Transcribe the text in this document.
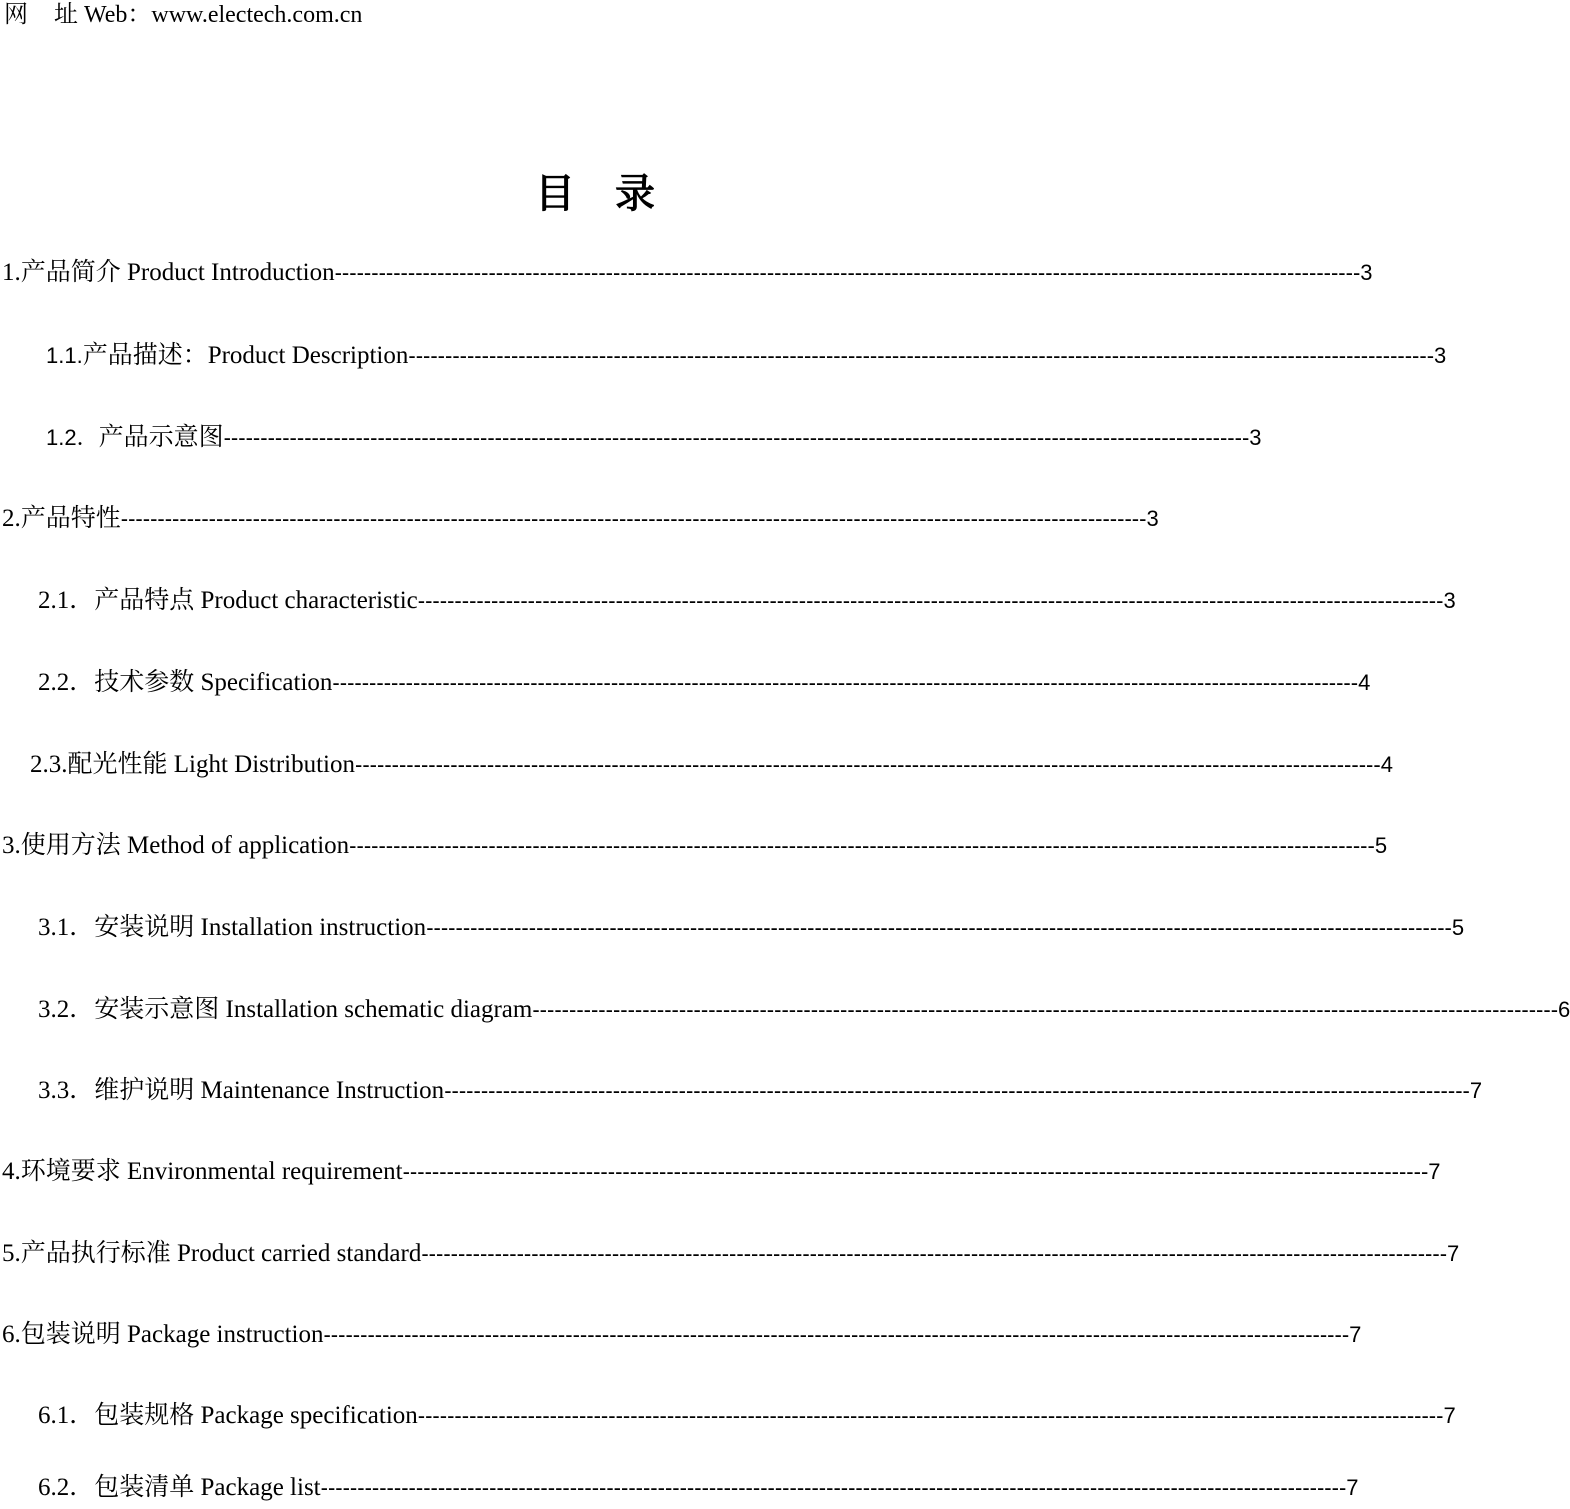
网 址 Web：www.electech.com.cn
目 录
1. 产品简介 Product Introduction -------------------------------------------------------------------------------------------------------------------------------------------- 3
1.1. 产品描述：Product Description -------------------------------------------------------------------------------------------------------------------------------------------- 3
1.2． 产品示意图 -------------------------------------------------------------------------------------------------------------------------------------------- 3
2. 产品特性 -------------------------------------------------------------------------------------------------------------------------------------------- 3
2.1． 产品特点 Product characteristic -------------------------------------------------------------------------------------------------------------------------------------------- 3
2.2． 技术参数 Specification -------------------------------------------------------------------------------------------------------------------------------------------- 4
2.3. 配光性能 Light Distribution -------------------------------------------------------------------------------------------------------------------------------------------- 4
3. 使用方法 Method of application -------------------------------------------------------------------------------------------------------------------------------------------- 5
3.1． 安装说明 Installation instruction -------------------------------------------------------------------------------------------------------------------------------------------- 5
3.2． 安装示意图 Installation schematic diagram -------------------------------------------------------------------------------------------------------------------------------------------- 6
3.3． 维护说明 Maintenance Instruction -------------------------------------------------------------------------------------------------------------------------------------------- 7
4. 环境要求 Environmental requirement -------------------------------------------------------------------------------------------------------------------------------------------- 7
5. 产品执行标准 Product carried standard -------------------------------------------------------------------------------------------------------------------------------------------- 7
6. 包装说明 Package instruction -------------------------------------------------------------------------------------------------------------------------------------------- 7
6.1． 包装规格 Package specification -------------------------------------------------------------------------------------------------------------------------------------------- 7
6.2． 包装清单 Package list -------------------------------------------------------------------------------------------------------------------------------------------- 7
